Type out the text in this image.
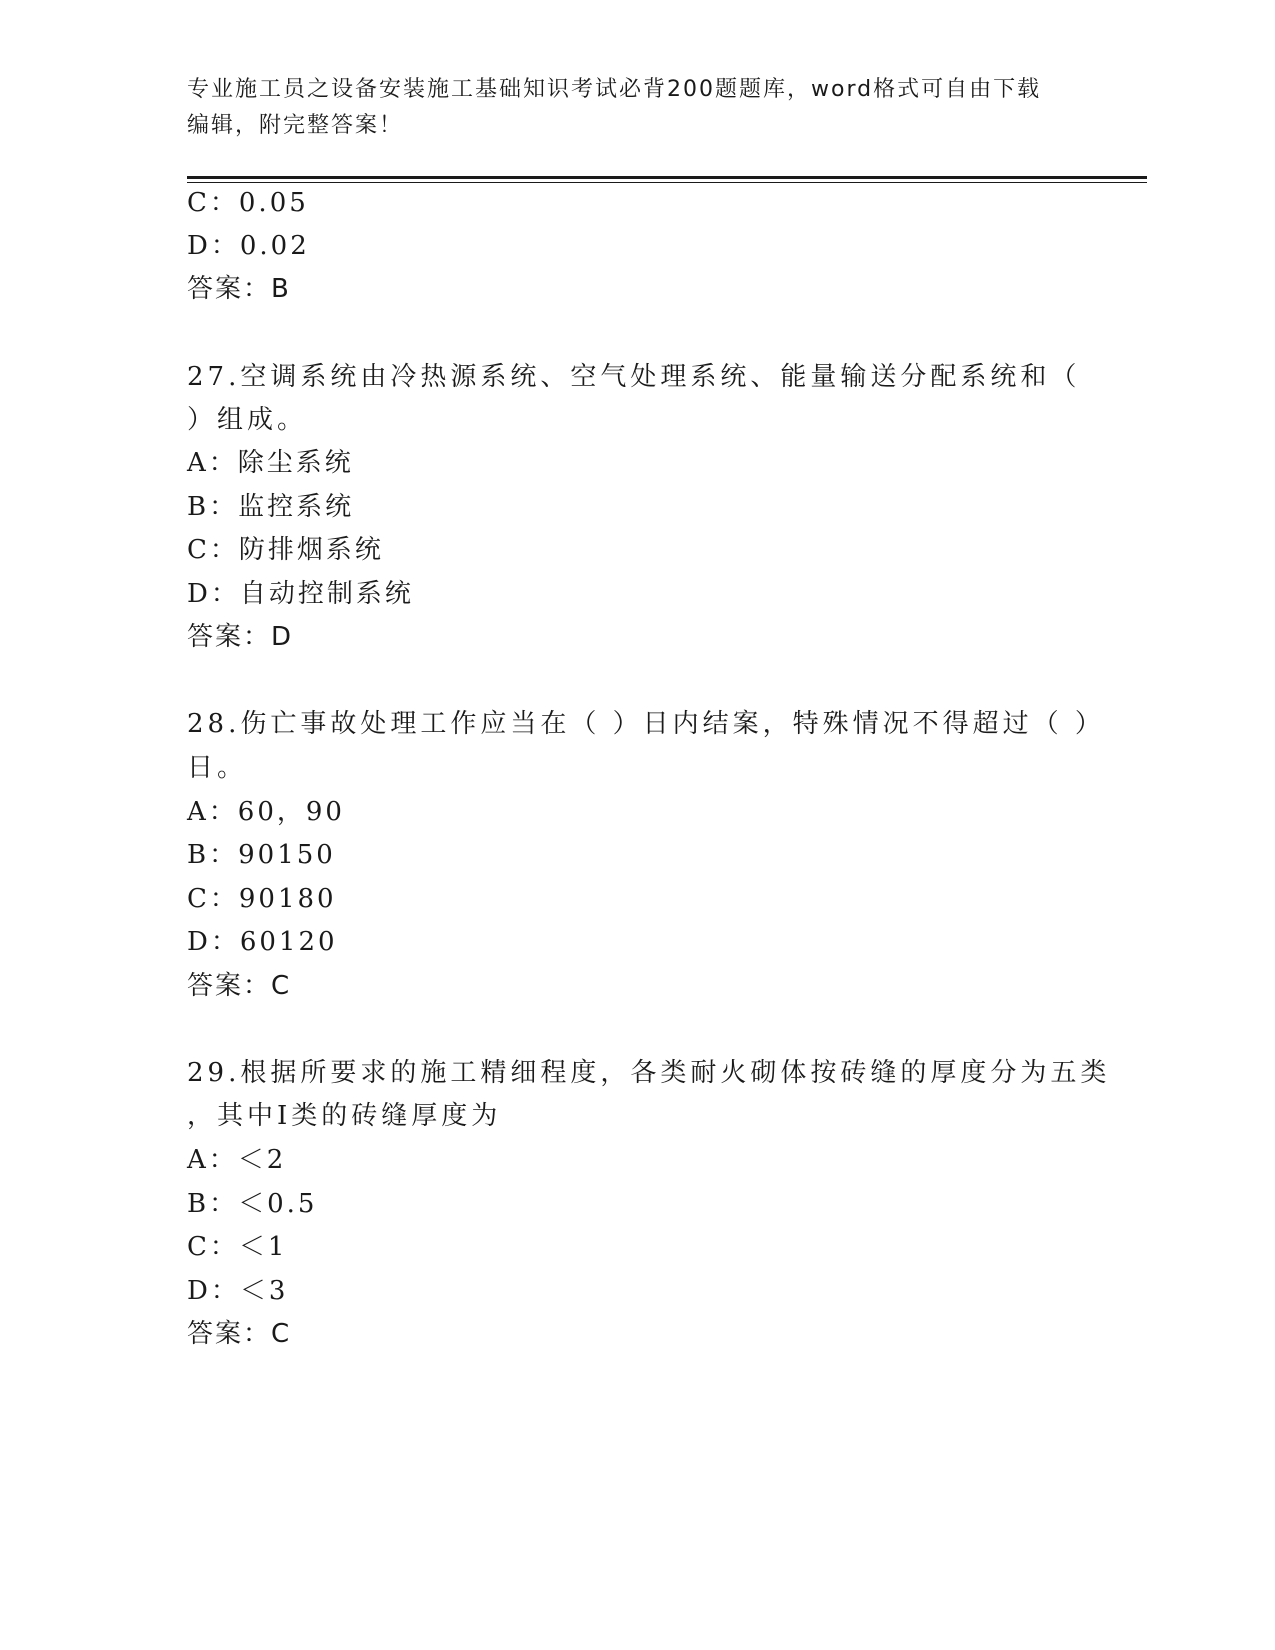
专业施工员之设备安装施工基础知识考试必背200题题库，word格式可自由下载
编辑，附完整答案！
C：0.05
D：0.02
答案：B
27.空调系统由冷热源系统、空气处理系统、能量输送分配系统和（
）组成。
A：除尘系统
B：监控系统
C：防排烟系统
D：自动控制系统
答案：D
28.伤亡事故处理工作应当在（ ）日内结案，特殊情况不得超过（ ）
日。
A：60，90
B：90150
C：90180
D：60120
答案：C
29.根据所要求的施工精细程度，各类耐火砌体按砖缝的厚度分为五类
，其中Ⅰ类的砖缝厚度为
A：＜2
B：＜0.5
C：＜1
D：＜3
答案：C
